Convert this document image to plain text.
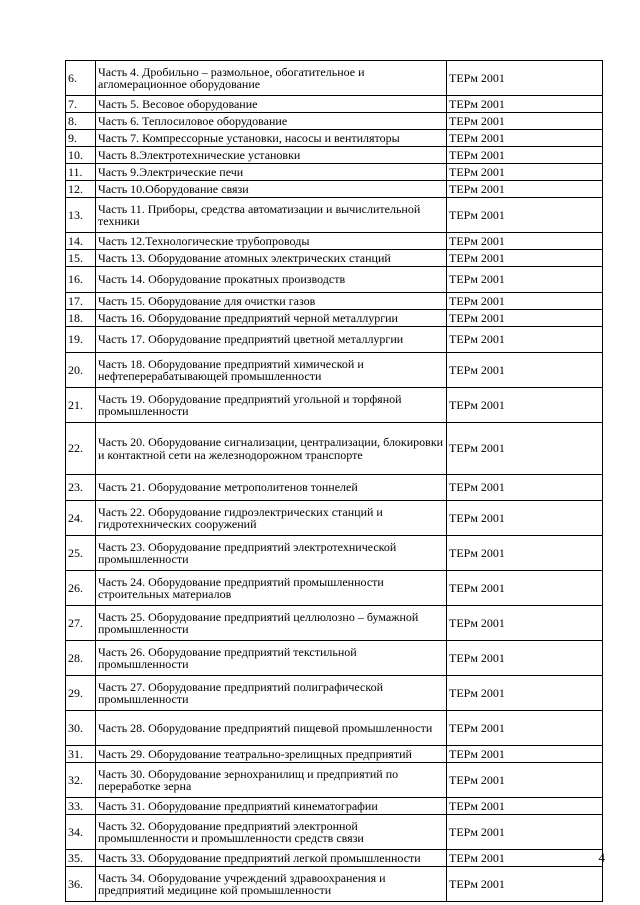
6.	Часть 4. Дробильно – размольное, обогатительное и агломерационное оборудование	ТЕРм 2001
7.	Часть 5. Весовое оборудование	ТЕРм 2001
8.	Часть 6. Теплосиловое оборудование	ТЕРм 2001
9.	Часть 7. Компрессорные установки, насосы и вентиляторы	ТЕРм 2001
10.	Часть 8.Электротехнические установки	ТЕРм 2001
11.	Часть 9.Электрические печи	ТЕРм 2001
12.	Часть 10.Оборудование связи	ТЕРм 2001
13.	Часть 11. Приборы, средства автоматизации и вычислительной техники	ТЕРм 2001
14.	Часть 12.Технологические трубопроводы	ТЕРм 2001
15.	Часть 13. Оборудование атомных электрических станций	ТЕРм 2001
16.	Часть 14. Оборудование прокатных производств	ТЕРм 2001
17.	Часть 15. Оборудование для очистки газов	ТЕРм 2001
18.	Часть 16. Оборудование предприятий черной металлургии	ТЕРм 2001
19.	Часть 17. Оборудование предприятий цветной металлургии	ТЕРм 2001
20.	Часть 18. Оборудование предприятий химической и нефтеперерабатывающей промышленности	ТЕРм 2001
21.	Часть 19. Оборудование предприятий угольной и торфяной промышленности	ТЕРм 2001
22.	Часть 20. Оборудование сигнализации, централизации, блокировки и контактной сети на железнодорожном транспорте	ТЕРм 2001
23.	Часть 21. Оборудование метрополитенов тоннелей	ТЕРм 2001
24.	Часть 22. Оборудование гидроэлектрических станций и гидротехнических сооружений	ТЕРм 2001
25.	Часть 23. Оборудование предприятий электротехнической промышленности	ТЕРм 2001
26.	Часть 24. Оборудование предприятий промышленности строительных материалов	ТЕРм 2001
27.	Часть 25. Оборудование предприятий целлюлозно – бумажной промышленности	ТЕРм 2001
28.	Часть 26. Оборудование предприятий текстильной промышленности	ТЕРм 2001
29.	Часть 27. Оборудование предприятий полиграфической промышленности	ТЕРм 2001
30.	Часть 28. Оборудование предприятий пищевой промышленности	ТЕРм 2001
31.	Часть 29. Оборудование театрально-зрелищных предприятий	ТЕРм 2001
32.	Часть 30. Оборудование зернохранилищ и предприятий по переработке зерна	ТЕРм 2001
33.	Часть 31. Оборудование предприятий кинематографии	ТЕРм 2001
34.	Часть 32. Оборудование предприятий электронной промышленности и промышленности средств связи	ТЕРм 2001
35.	Часть 33. Оборудование предприятий легкой промышленности	ТЕРм 2001
36.	Часть 34. Оборудование учреждений здравоохранения и предприятий медицине кой промышленности	ТЕРм 2001
4
